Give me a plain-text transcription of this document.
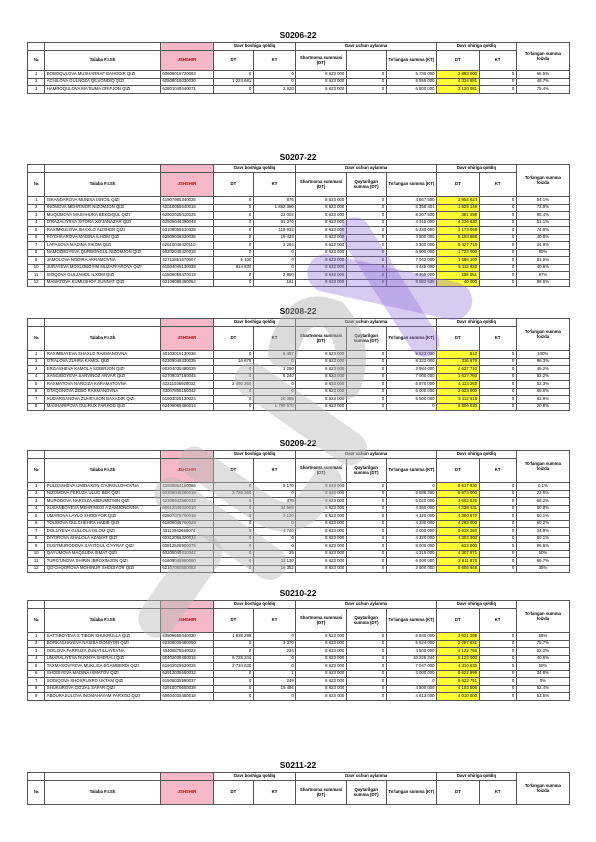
S0206-22
			Davr boshiga qoldiq		Davr uchun aylanma			Davr ohiriga qoldiq		To'langan summa foizda
№	Talaba F.I.Sh	JSHSHIR	DT	KT	Shartnoma summasi (DT)		To'langan summa (KT)	DT	KT	
1	BOBOQULOVA MUSHARRAF BAHODIR QIZI	60609016720093	0	0	8 623 000	0	5 730 000	2 893 000	0	66.5%
2	ACHILOVA GULNOZA QILVONDIQ QIZI	60508016030030	1 224 681	0	8 623 000	0	5 555 000	4 334 681	0	49.7%
3	HAMROQULOVA MA'SUMA ORIFJON QIZI	62801045440071	0	2 920	8 623 000	0	6 500 000	2 120 081	0	75.4%
S0207-22
			Davr boshiga qoldiq		Davr uchun aylanma			Davr ohiriga qoldiq		To'langan summa foizda
№	Talaba F.I.Sh	JSHSHIR	DT	KT	Shartnoma summasi (DT)	Qaytarilgan summa (DT)	To'langan summa (KT)	DT	KT	
1	ISKANDAROVA MUNISA ISROIL QIZI	41907985340026	0	876	8 623 000	0	4 667 500	3 954 624	0	54.1%
2	INOMOVA MEHRINOR NIZOMJON QIZI	42010055540016	0	1 862 360	8 623 000	0	6 358 401	1 929 149	0	73.8%
3	MUQUMOVA MASHHURA BEKDIQUL QIZI	62802025410026	0	22 002	8 623 000	0	8 207 500	381 498	0	95.4%
4	O'RAZALIYEVA SITORA XO'JANAZAR QIZI	62505046390048	0	91 370	8 623 000	0	4 315 000	4 216 630	0	51.1%
5	RAXIMKULOVA SHAXLO ALISHER QIZI	63108055510028	0	119 933	8 623 000	0	6 330 000	2 173 068	0	74.8%
6	KO'CHKAROVA MADINA ILHOM QIZI	62505036320035	0	19 433	8 623 000	0	3 500 000	5 103 568	0	40.8%
7	LAPASOVA MADINA XIKOM QIZI	62610046420110	0	3 284	8 623 000	0	3 300 000	5 427 716	0	34.9%
8	NAMOZBOYEVA QURBONGUL NIZOMJON QIZI	60202045420018	0	0	8 623 000	0	6 900 000	1 723 000	0	80%
9	JAMOLOVA NODIRA AKRAMOVNA	42712851670007	5 100	0	8 623 000	0	7 042 000	1 586 100	0	81.6%
10	JURAYEVA MOXLOBOYIM MUZAFFAROVA QIZI	61504045130038	914 830	0	8 623 000	0	4 425 000	5 112 830	0	40.6%
11	ISOQOVA GULJAMOL ILXOM QIZI	61506055470019	0	2 950	8 623 000	0	8 365 000	256 051	0	97%
12	MAMATOVA KUMUSHOY SUNNAT QIZI	62108085450064	0	161	8 623 000	0	8 582 539	40 000	0	99.5%
S0208-22
			Davr boshiga qoldiq		Davr uchun aylanma			Davr ohiriga qoldiq		To'langan summa foizda
№	Talaba F.I.Sh	JSHSHIR	DT	KT	Shartnoma summasi (DT)	Qaytarilgan summa (DT)	To'langan summa (KT)	DT	KT	
1	RAXIMBAYEVA SHAXLO RAXMANOVNA	40103016130036	0	5 487	8 623 000	0	8 623 000	513	0	100%
2	O'RALOVA ZUHRA KAMOL QIZI	62309046330035	16 679	0	8 623 000	0	8 323 000	316 679	0	96.3%
3	ERGASHEVA KAMOLA SOBIRJON QIZI	60204035480026	0	1 290	8 623 000	0	3 984 000	4 637 710	0	46.2%
4	XANGIBOYEVA SARVINOZ ANVAR QIZI	62709037160045	0	5 240	8 623 000	0	7 000 000	1 617 760	0	82.2%
5	RAXMATOVA NARGIZA KARAMATOVNA	42211036920032	2 490 260	0	8 623 000	0	6 970 000	4 113 260	0	52.3%
6	OTAQONOVA ZEBO RAXMANOVNA	43007895150042	0	0	8 623 000	0	6 000 000	2 623 000	0	69.6%
7	XUDARGANOVA ZUHRAXON BAXADIR QIZI	61603025120024	0	10 385	8 623 000	0	5 500 000	3 112 615	0	63.9%
8	MASHARIPOVA GULRUX FARXOD QIZI	62409065460014	0	1 790 970	8 623 000	0	0	6 806 030	0	20.8%
S0209-22
			Davr boshiga qoldiq		Davr uchun aylanma			Davr ohiriga qoldiq		To'langan summa foizda
№	Talaba F.I.Sh	JSHSHIR	DT	KT	Shartnoma summasi (DT)	Qaytarilgan summa (DT)	To'langan summa (KT)	DT	KT	
1	PULDASHEVA UMIDAXON G'AIROLLOHOVNA	41808864160066	0	5 170	8 623 000	0	0	8 617 830	0	0.1%
2	NIZOMOVA FERUZA ULUG BEK QIZI	60308045280018	3 728 260	0	8 623 000	0	5 688 260	6 673 000	0	22.6%
3	MURODOVA NARGIZA ABDUMO'MIN QIZI	42308942580032	0	475	8 623 000	0	5 020 000	3 602 526	0	58.2%
4	XUSANBOYEVA MEHRINISO A'ZAMJONOVNA	60612045020010	0	34 569	8 623 000	0	4 350 000	4 238 431	0	50.8%
5	UMAROVA LAYLO SHODIYOR QIZI	62607075700018	0	2 130	8 623 000	0	4 320 000	4 300 870	0	50.1%
6	TOLIBOVA GULCHEHRA HABIB QIZI	61606045700029	0	0	8 623 000	0	4 330 000	4 293 000	0	50.2%
7	DOLLIYEVA GULLOLA ISLOM QIZI	40112942650074	0	4 740	8 623 000	0	3 000 000	5 618 260	0	34.8%
8	DIYOROVA SHALOLA AZAMAT QIZI	60312056320034	0	0	8 623 000	0	4 320 000	4 303 000	0	50.1%
9	DUSTMURODOVA XAYITGUL G'AYRAT QIZI	60812525900075	0	0	8 623 000	0	8 000 000	623 000	0	96.5%
10	QAYUMOVA MAQSUDA ISMAT QIZI	60205045310342	0	29	8 623 000	0	4 315 000	4 307 971	0	50%
11	TURG'UNOVA SHIRIN IBROXIMJON QIZI	61609045950080	0	11 130	8 623 000	0	6 000 000	2 611 870	0	69.7%
12	QO'CHQOROVA MOHINUR SHODIYOR QIZI	62107050550083	0	16 352	8 623 000	0	3 000 000	5 606 648	0	35%
S0210-22
			Davr boshiga qoldiq		Davr uchun aylanma			Davr ohiriga qoldiq		To'langan summa foizda
№	Talaba F.I.Sh	JSHSHIR	DT	KT	Shartnoma summasi (DT)	Qaytarilgan summa (DT)	To'langan summa (KT)	DT	KT	
1	SATTIBOYEVA S TIBOR SHUKRULLA QIZI	40509665440030	1 838 298	0	8 623 000	0	6 840 000	3 621 298	0	58%
2	BORKASHAYEVA NASIBA DONIYOR QIZI	60308035480050	0	3 370	8 623 000	0	6 524 000	2 097 631	0	75.7%
3	ODILOVA FARRUZA ZUNATILLAYEVNA	40406875540022	0	234	8 623 000	0	4 500 000	4 122 766	0	52.2%
4	UMARALIYEVA RUXNYA SHERALI QIZI	60402035450016	6 725 244	0	8 623 000	0	10 225 344	5 123 000	0	40.6%
5	TAXMASOVIYEVA MUKLISA EGAMBERDI QIZI	61602025520026	2 734 630	0	8 623 000	0	7 047 000	4 310 630	0	50%
6	SHODIYEVA MADINA ISMATOV QIZI	62912035650032	0	1	8 623 000	0	3 000 000	5 622 999	0	34.8%
7	SODIQOVA SHOXRUXRO UKTAM QIZI	61506035590037	0	249	8 623 000	0	0	8 622 751	0	0%
8	SHUKUROVA GO'ZAL SAFAR QIZI	42910076600038	0	19 494	8 623 000	0	4 500 000	4 103 506	0	52.4%
9	ABDURASULOVA INOMAHAYAM FARXOD QIZI	60604035450018	0	0	8 623 000	0	4 613 000	4 010 000	0	53.5%
S0211-22
			Davr boshiga qoldiq		Davr uchun aylanma			Davr ohiriga qoldiq		To'langan summa foizda
№	Talaba F.I.Sh	JSHSHIR	DT	KT	Shartnoma summasi (DT)	Qaytarilgan summa (DT)	To'langan summa (KT)	DT	KT	
